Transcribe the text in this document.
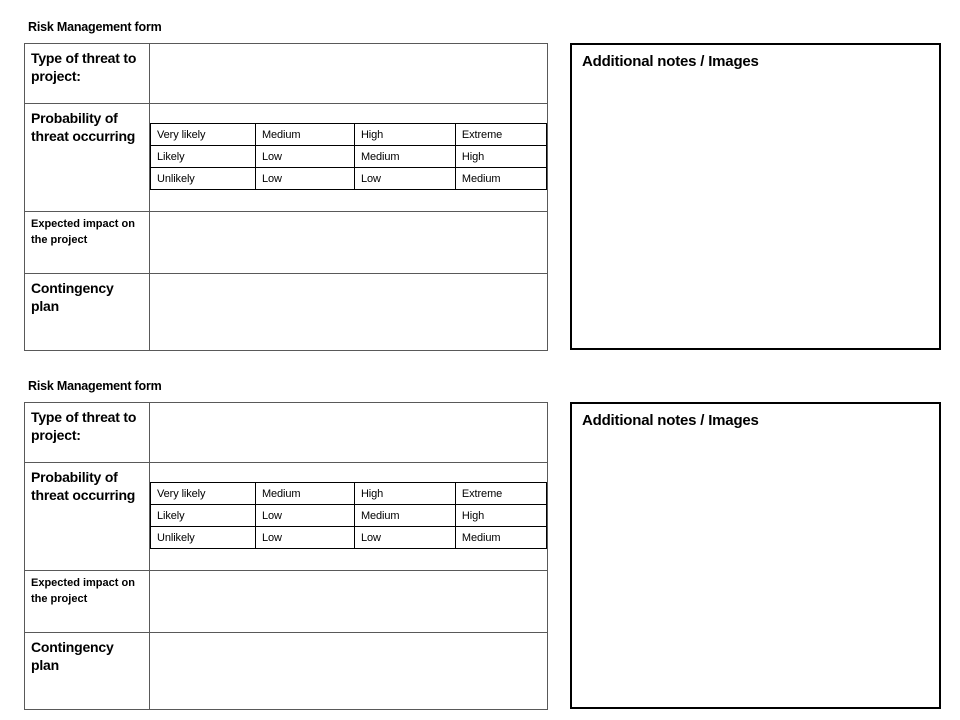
Risk Management form
Type of threat to project:	
Probability of threat occurring	Very likely	Medium	High	Extreme
Likely	Low	Medium	High
Unlikely	Low	Low	Medium

Expected impact on the project	
Contingency plan	
Additional notes / Images
Risk Management form
Type of threat to project:	
Probability of threat occurring	Very likely	Medium	High	Extreme
Likely	Low	Medium	High
Unlikely	Low	Low	Medium

Expected impact on the project	
Contingency plan	
Additional notes / Images
